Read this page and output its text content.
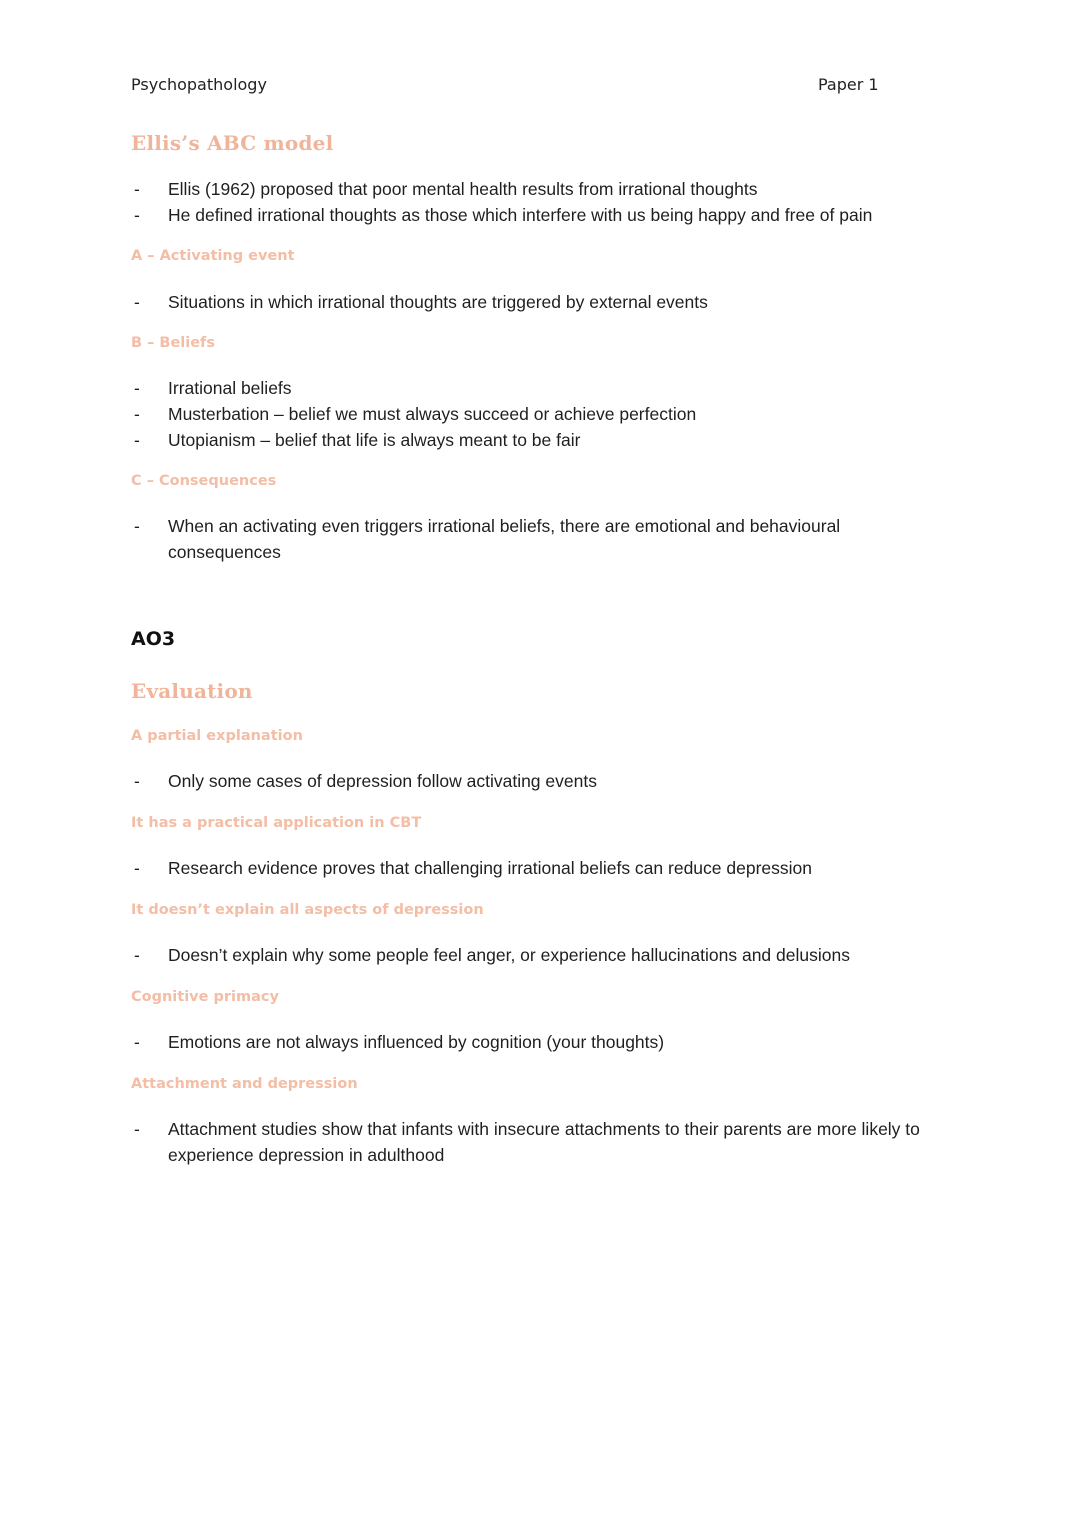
Psychopathology	Paper 1
Ellis’s ABC model
- Ellis (1962) proposed that poor mental health results from irrational thoughts
- He defined irrational thoughts as those which interfere with us being happy and free of pain
A – Activating event
- Situations in which irrational thoughts are triggered by external events
B – Beliefs
- Irrational beliefs
- Musterbation – belief we must always succeed or achieve perfection
- Utopianism – belief that life is always meant to be fair
C – Consequences
- When an activating even triggers irrational beliefs, there are emotional and behavioural consequences
AO3
Evaluation
A partial explanation
- Only some cases of depression follow activating events
It has a practical application in CBT
- Research evidence proves that challenging irrational beliefs can reduce depression
It doesn’t explain all aspects of depression
- Doesn’t explain why some people feel anger, or experience hallucinations and delusions
Cognitive primacy
- Emotions are not always influenced by cognition (your thoughts)
Attachment and depression
- Attachment studies show that infants with insecure attachments to their parents are more likely to experience depression in adulthood
